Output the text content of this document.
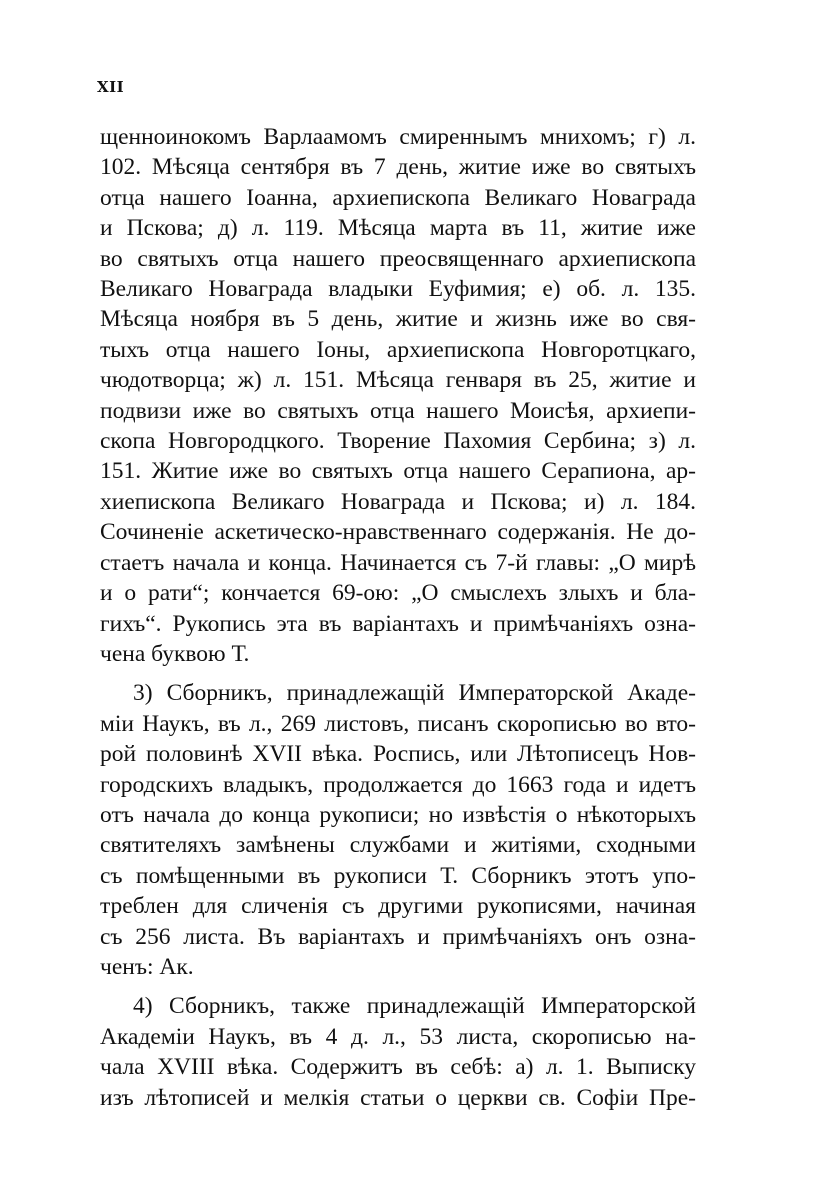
XII
щенноинокомъ Варлаамомъ смиреннымъ мнихомъ; г) л.
102. Мѣсяца сентября въ 7 день, житие иже во святыхъ
отца нашего Іоанна, архиепископа Великаго Новаграда
и Пскова; д) л. 119. Мѣсяца марта въ 11, житие иже
во святыхъ отца нашего преосвященнаго архиепископа
Великаго Новаграда владыки Еуфимия; е) об. л. 135.
Мѣсяца ноября въ 5 день, житие и жизнь иже во свя-
тыхъ отца нашего Іоны, архиепископа Новгоротцкаго,
чюдотворца; ж) л. 151. Мѣсяца генваря въ 25, житие и
подвизи иже во святыхъ отца нашего Моисѣя, архиепи-
скопа Новгородцкого. Творение Пахомия Сербина; з) л.
151. Житие иже во святыхъ отца нашего Серапиона, ар-
хиепископа Великаго Новаграда и Пскова; и) л. 184.
Сочиненіе аскетическо-нравственнаго содержанія. Не до-
стаетъ начала и конца. Начинается съ 7-й главы: „О мирѣ
и о рати“; кончается 69-ою: „О смыслехъ злыхъ и бла-
гихъ“. Рукопись эта въ варіантахъ и примѣчаніяхъ озна-
чена буквою Т.
3) Сборникъ, принадлежащій Императорской Акаде-
міи Наукъ, въ л., 269 листовъ, писанъ скорописью во вто-
рой половинѣ XVII вѣка. Роспись, или Лѣтописецъ Нов-
городскихъ владыкъ, продолжается до 1663 года и идетъ
отъ начала до конца рукописи; но извѣстія о нѣкоторыхъ
святителяхъ замѣнены службами и житіями, сходными
съ помѣщенными въ рукописи Т. Сборникъ этотъ упо-
треблен для сличенія съ другими рукописями, начиная
съ 256 листа. Въ варіантахъ и примѣчаніяхъ онъ озна-
ченъ: Ак.
4) Сборникъ, также принадлежащій Императорской
Академіи Наукъ, въ 4 д. л., 53 листа, скорописью на-
чала XVIII вѣка. Содержитъ въ себѣ: а) л. 1. Выписку
изъ лѣтописей и мелкія статьи о церкви св. Софіи Пре-
